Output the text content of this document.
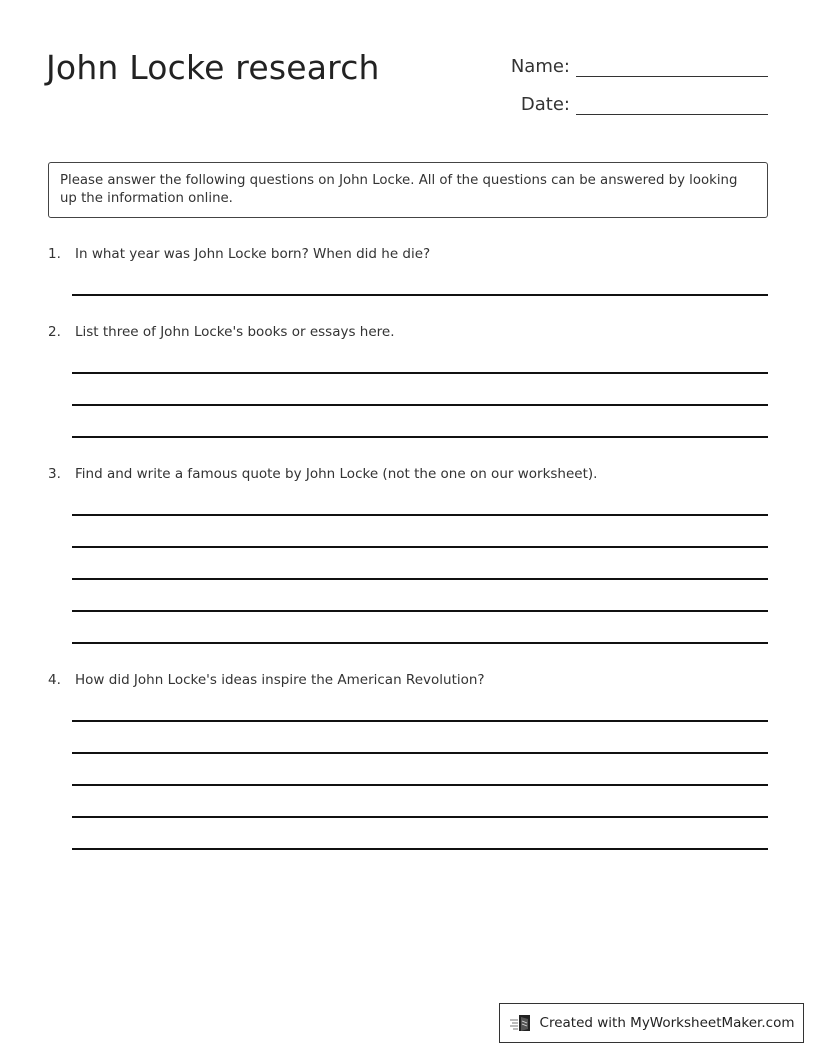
John Locke research	Name:
Date:
Please answer the following questions on John Locke. All of the questions can be answered by looking up the information online.
1.	In what year was John Locke born? When did he die?
2.	List three of John Locke's books or essays here.
3.	Find and write a famous quote by John Locke (not the one on our worksheet).
4.	How did John Locke's ideas inspire the American Revolution?
Created with MyWorksheetMaker.com
